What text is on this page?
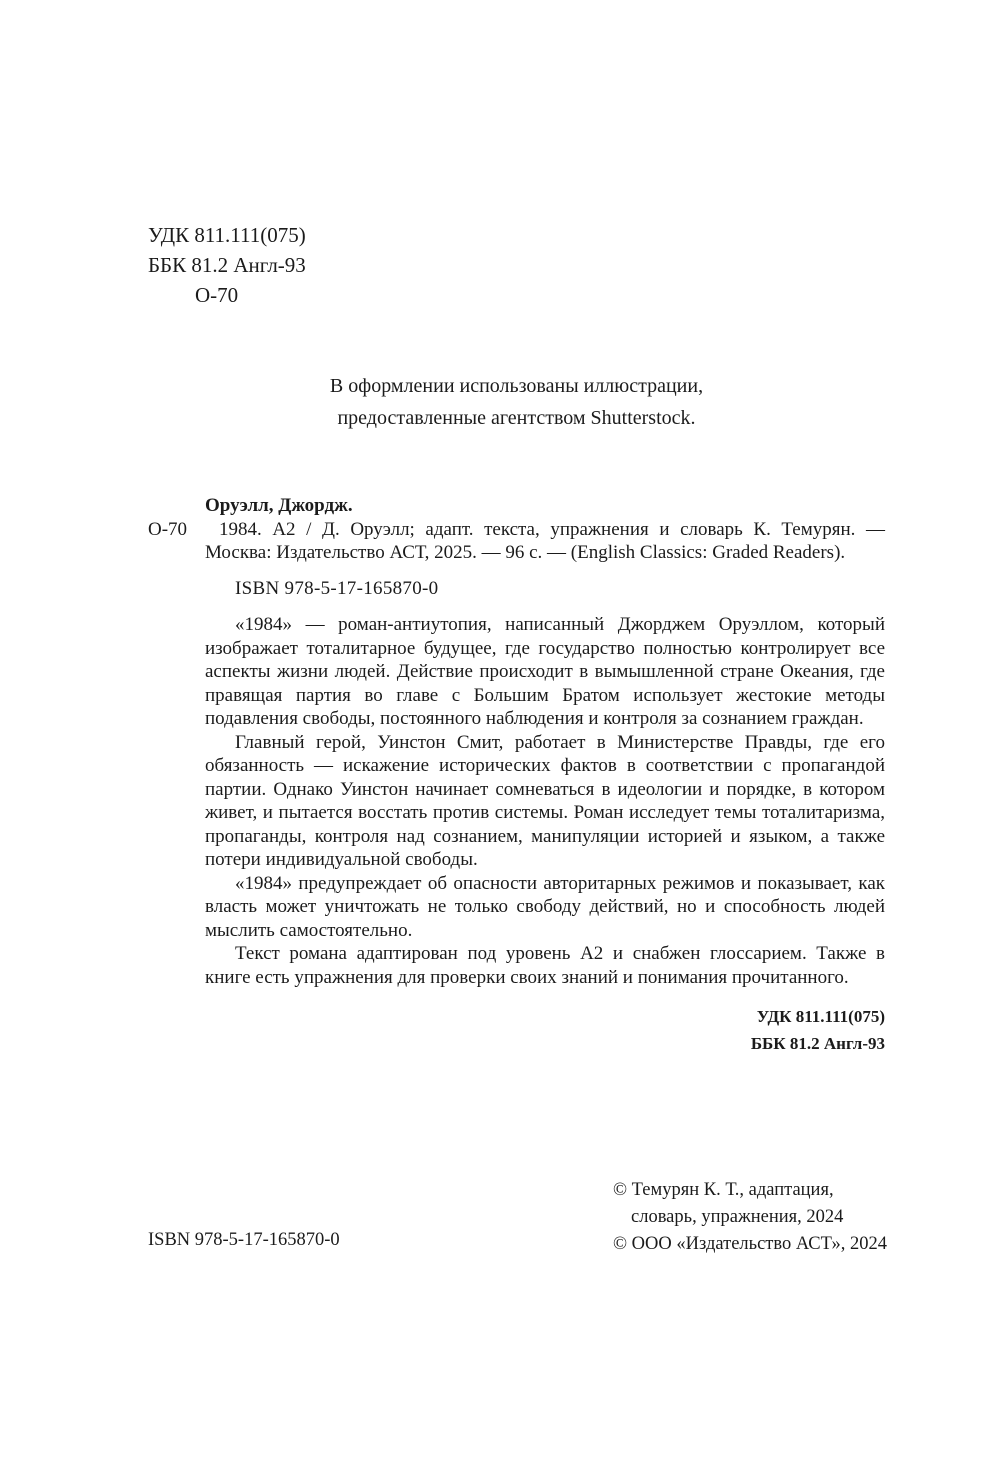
УДК 811.111(075)
ББК 81.2 Англ-93
О-70
В оформлении использованы иллюстрации,
предоставленные агентством Shutterstock.

Оруэлл, Джордж.

О-70	1984. А2 / Д. Оруэлл; адапт. текста, упражнения и словарь К. Темурян. — Москва: Издательство АСТ, 2025. — 96 с. — (English Classics: Graded Readers).

ISBN 978-5-17-165870-0

«1984» — роман-антиутопия, написанный Джорджем Оруэллом, который изображает тоталитарное будущее, где государство полностью контролирует все аспекты жизни людей. Действие происходит в вымышленной стране Океания, где правящая партия во главе с Большим Братом использует жестокие методы подавления свободы, постоянного наблюдения и контроля за сознанием граждан.

Главный герой, Уинстон Смит, работает в Министерстве Правды, где его обязанность — искажение исторических фактов в соответствии с пропагандой партии. Однако Уинстон начинает сомневаться в идеологии и порядке, в котором живет, и пытается восстать против системы. Роман исследует темы тоталитаризма, пропаганды, контроля над сознанием, манипуляции историей и языком, а также потери индивидуальной свободы.

«1984» предупреждает об опасности авторитарных режимов и показывает, как власть может уничтожать не только свободу действий, но и способность людей мыслить самостоятельно.

Текст романа адаптирован под уровень А2 и снабжен глоссарием. Также в книге есть упражнения для проверки своих знаний и понимания прочитанного.

УДК 811.111(075)
ББК 81.2 Англ-93
© Темурян К. Т., адаптация,
словарь, упражнения, 2024
© ООО «Издательство АСТ», 2024
ISBN 978-5-17-165870-0
